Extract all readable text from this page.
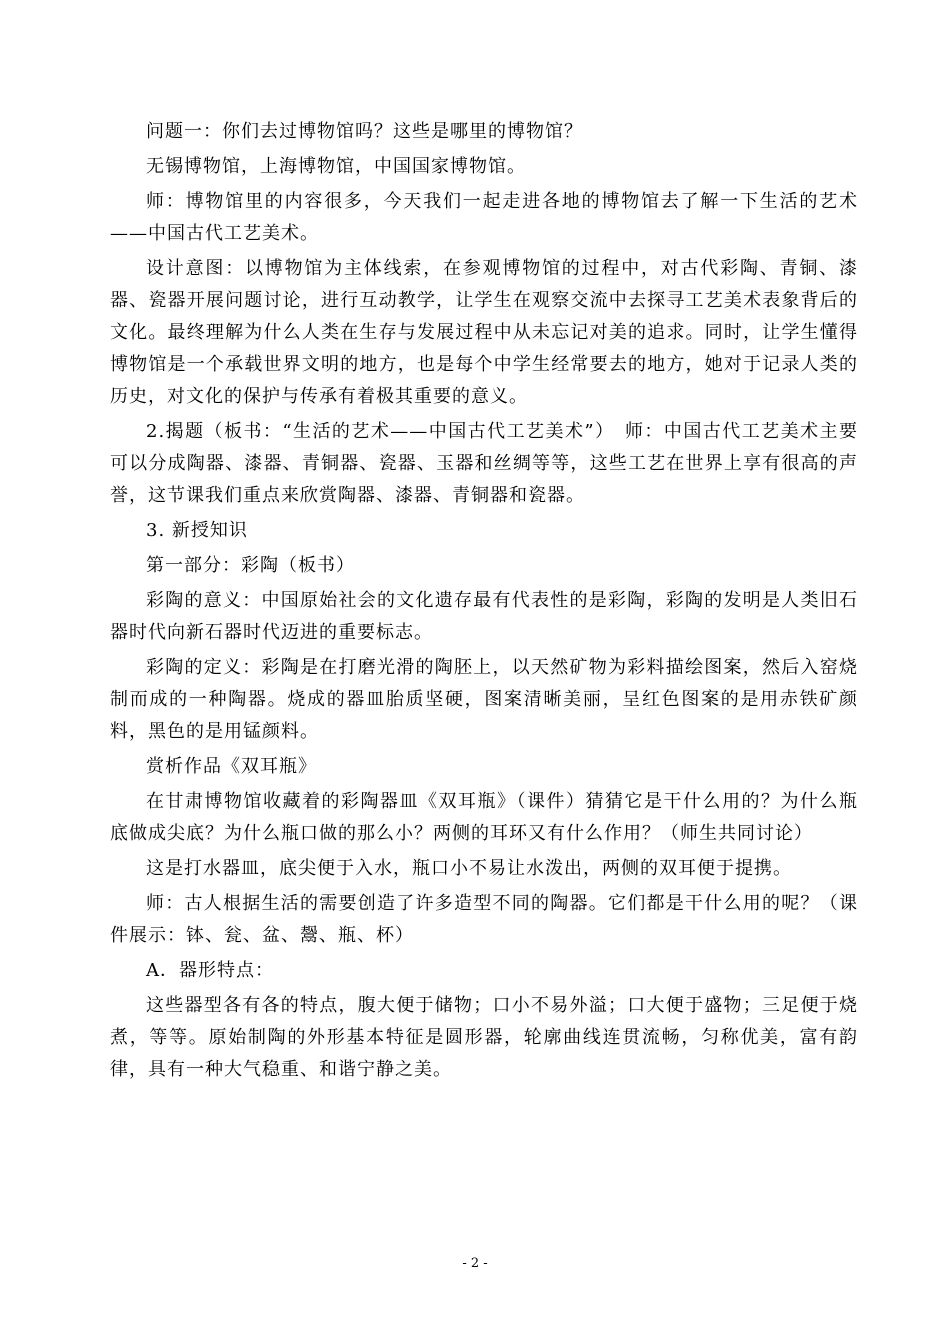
问题一：你们去过博物馆吗？这些是哪里的博物馆？

无锡博物馆，上海博物馆，中国国家博物馆。

师：博物馆里的内容很多，今天我们一起走进各地的博物馆去了解一下生活的艺术——中国古代工艺美术。

设计意图：以博物馆为主体线索，在参观博物馆的过程中，对古代彩陶、青铜、漆器、瓷器开展问题讨论，进行互动教学，让学生在观察交流中去探寻工艺美术表象背后的文化。最终理解为什么人类在生存与发展过程中从未忘记对美的追求。同时，让学生懂得博物馆是一个承载世界文明的地方，也是每个中学生经常要去的地方，她对于记录人类的历史，对文化的保护与传承有着极其重要的意义。

2.揭题（板书：“生活的艺术——中国古代工艺美术”）　师：中国古代工艺美术主要可以分成陶器、漆器、青铜器、瓷器、玉器和丝绸等等，这些工艺在世界上享有很高的声誉，这节课我们重点来欣赏陶器、漆器、青铜器和瓷器。

3. 新授知识

第一部分：彩陶（板书）

彩陶的意义：中国原始社会的文化遗存最有代表性的是彩陶，彩陶的发明是人类旧石器时代向新石器时代迈进的重要标志。

彩陶的定义：彩陶是在打磨光滑的陶胚上，以天然矿物为彩料描绘图案，然后入窑烧制而成的一种陶器。烧成的器皿胎质坚硬，图案清晰美丽，呈红色图案的是用赤铁矿颜料，黑色的是用锰颜料。

赏析作品《双耳瓶》

在甘肃博物馆收藏着的彩陶器皿《双耳瓶》（课件）猜猜它是干什么用的？为什么瓶底做成尖底？为什么瓶口做的那么小？两侧的耳环又有什么作用？（师生共同讨论）

这是打水器皿，底尖便于入水，瓶口小不易让水泼出，两侧的双耳便于提携。

师：古人根据生活的需要创造了许多造型不同的陶器。它们都是干什么用的呢？（课件展示：钵、瓮、盆、鬶、瓶、杯）

A．器形特点：

这些器型各有各的特点，腹大便于储物；口小不易外溢；口大便于盛物；三足便于烧煮，等等。原始制陶的外形基本特征是圆形器，轮廓曲线连贯流畅，匀称优美，富有韵律，具有一种大气稳重、和谐宁静之美。

- 2 -
